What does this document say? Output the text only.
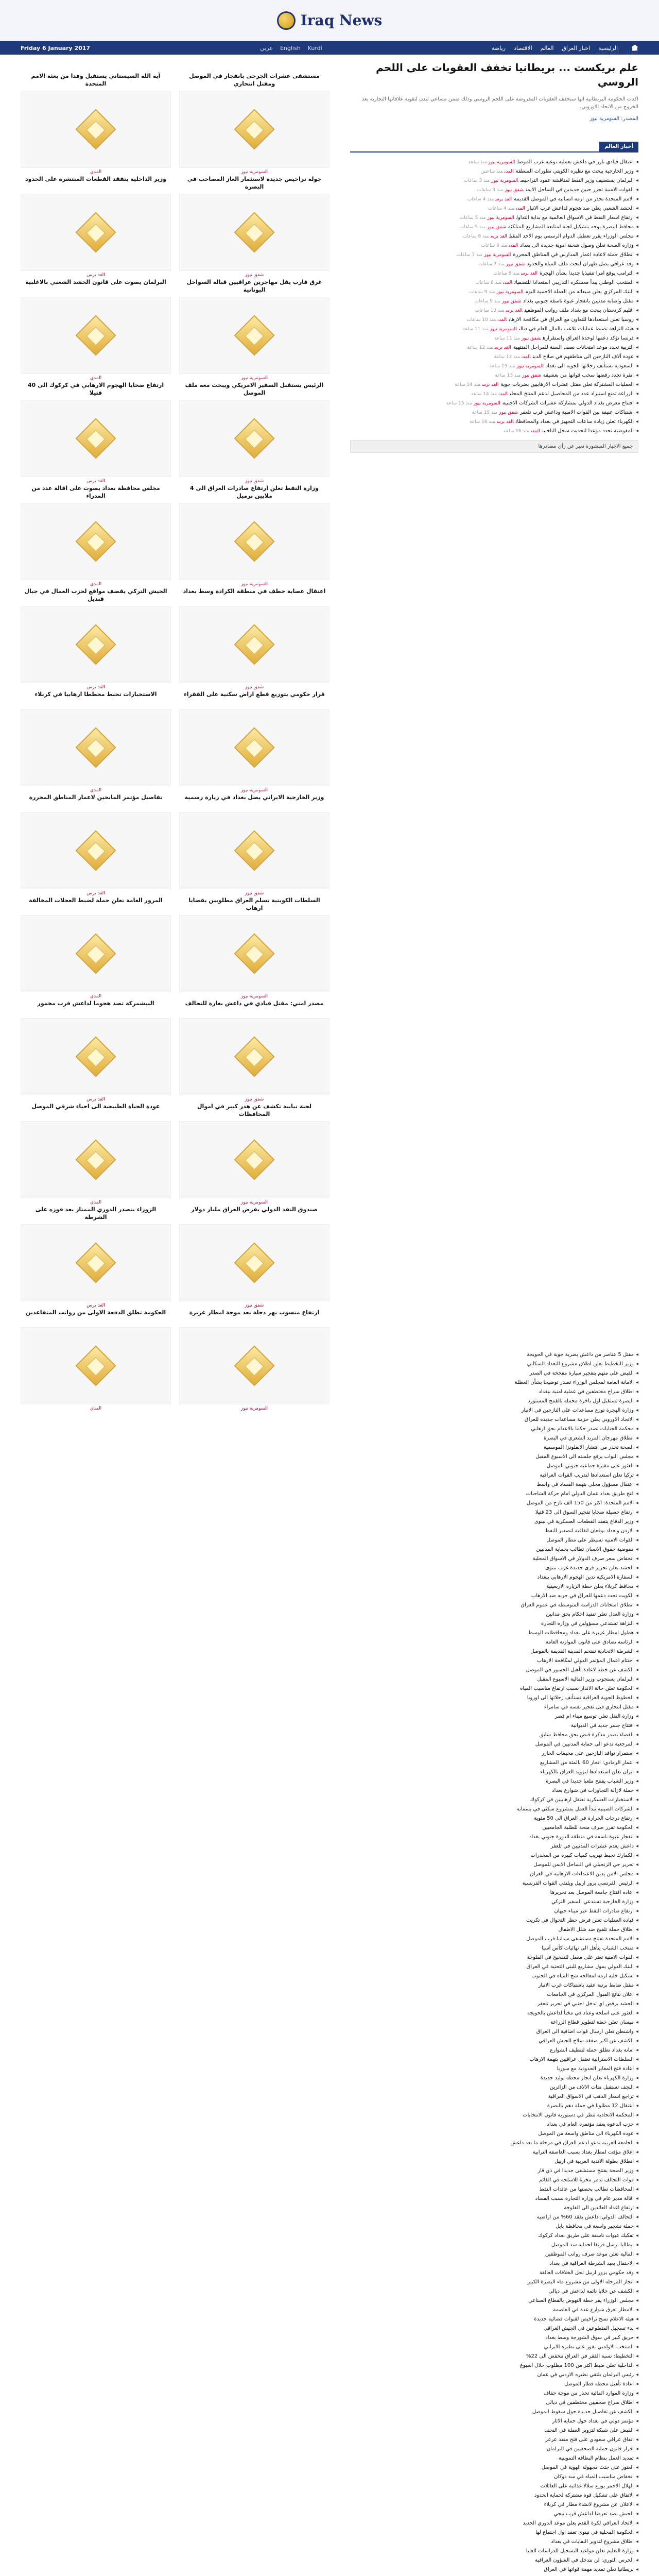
Iraq News
Friday 6 January 2017	عربي English Kurdî	الرئيسية
اخبار العراق
العالم
الاقتصاد
رياضة
العراق › أخبار العالم
علم بريكست ... بريطانيا تخفف العقوبات على اللحم الروسي

اكدت الحكومة البريطانية انها ستخفف العقوبات المفروضة على اللحم الروسي وذلك ضمن مساعي لندن لتقوية علاقاتها التجارية بعد الخروج من الاتحاد الاوروبي.

المصدر: السومرية نيوز
أخبار العالم
◂اعتقال قيادي بارز في داعش بعملية نوعية غرب الموصلالسومرية نيوزمنذ ساعة
◂وزير الخارجية يبحث مع نظيره الكويتي تطورات المنطقةالمدىمنذ ساعتين
◂البرلمان يستضيف وزير النفط لمناقشة عقود التراخيصالسومرية نيوزمنذ 3 ساعات
◂القوات الامنية تحرر حيين جديدين في الساحل الايمنشفق نيوزمنذ 3 ساعات
◂الامم المتحدة تحذر من ازمة انسانية في الموصل القديمةالغد برسمنذ 4 ساعات
◂الحشد الشعبي يعلن صد هجوم لداعش غرب الانبارالمدىمنذ 4 ساعات
◂ارتفاع اسعار النفط في الاسواق العالمية مع بداية التداولالسومرية نيوزمنذ 5 ساعات
◂محافظ البصرة يوجه بتشكيل لجنة لمتابعة المشاريع المتلكئةشفق نيوزمنذ 5 ساعات
◂مجلس الوزراء يقرر تعطيل الدوام الرسمي يوم الاحد المقبلالغد برسمنذ 6 ساعات
◂وزارة الصحة تعلن وصول شحنة ادوية جديدة الى بغدادالمدىمنذ 6 ساعات
◂انطلاق حملة لاعادة اعمار المدارس في المناطق المحررةالسومرية نيوزمنذ 7 ساعات
◂وفد عراقي يصل طهران لبحث ملف المياه والحدودشفق نيوزمنذ 7 ساعات
◂الترامب يوقع امرا تنفيذيا جديدا بشأن الهجرةالغد برسمنذ 8 ساعات
◂المنتخب الوطني يبدأ معسكره التدريبي استعدادا للتصفياتالمدىمنذ 8 ساعات
◂البنك المركزي يعلن مبيعاته من العملة الاجنبية اليومالسومرية نيوزمنذ 9 ساعات
◂مقتل وإصابة مدنيين بانفجار عبوة ناسفة جنوبي بغدادشفق نيوزمنذ 9 ساعات
◂اقليم كردستان يبحث مع بغداد ملف رواتب الموظفينالغد برسمنذ 10 ساعات
◂روسيا تعلن استعدادها للتعاون مع العراق في مكافحة الارهابالمدىمنذ 10 ساعات
◂هيئة النزاهة تضبط عمليات تلاعب بالمال العام في ديالىالسومرية نيوزمنذ 11 ساعة
◂فرنسا تؤكد دعمها لوحدة العراق واستقرارهشفق نيوزمنذ 11 ساعة
◂التربية تحدد موعد امتحانات نصف السنة للمراحل المنتهيةالغد برسمنذ 12 ساعة
◂عودة آلاف النازحين الى مناطقهم في صلاح الدينالمدىمنذ 12 ساعة
◂السعودية تستأنف رحلاتها الجوية الى بغدادالسومرية نيوزمنذ 13 ساعة
◂انقرة تجدد رفضها سحب قواتها من بعشيقةشفق نيوزمنذ 13 ساعة
◂العمليات المشتركة تعلن مقتل عشرات الارهابيين بضربات جويةالغد برسمنذ 14 ساعة
◂الزراعة تمنع استيراد عدد من المحاصيل لدعم المنتج المحليالمدىمنذ 14 ساعة
◂افتتاح معرض بغداد الدولي بمشاركة عشرات الشركات الاجنبيةالسومرية نيوزمنذ 15 ساعة
◂اشتباكات عنيفة بين القوات الامنية وداعش قرب تلعفرشفق نيوزمنذ 15 ساعة
◂الكهرباء تعلن زيادة ساعات التجهيز في بغداد والمحافظاتالغد برسمنذ 16 ساعة
◂المفوضية تحدد موعدا لتحديث سجل الناخبينالمدىمنذ 16 ساعة
جميع الاخبار المنشورة تعبر عن رأي مصادرها
مستشفى عشرات الجرحى بانفجار في الموصل ومقتل انتحاري
السومرية نيوز
آية الله السيستاني يستقبل وفدا من بعثة الامم المتحدة
المدى
جولة تراخيص جديدة لاستثمار الغاز المصاحب في البصرة
شفق نيوز
وزير الداخلية يتفقد القطعات المنتشرة على الحدود
الغد برس
غرق قارب يقل مهاجرين عراقيين قبالة السواحل اليونانية
السومرية نيوز
البرلمان يصوت على قانون الحشد الشعبي بالاغلبية
المدى
الرئيس يستقبل السفير الامريكي ويبحث معه ملف الموصل
شفق نيوز
ارتفاع ضحايا الهجوم الارهابي في كركوك الى 40 قتيلا
الغد برس
وزارة النفط تعلن ارتفاع صادرات العراق الى 4 ملايين برميل
السومرية نيوز
مجلس محافظة بغداد يصوت على اقالة عدد من المدراء
المدى
اعتقال عصابة خطف في منطقة الكرادة وسط بغداد
شفق نيوز
الجيش التركي يقصف مواقع لحزب العمال في جبال قنديل
الغد برس
قرار حكومي بتوزيع قطع اراض سكنية على الفقراء
السومرية نيوز
الاستخبارات تحبط مخططا ارهابيا في كربلاء
المدى
وزير الخارجية الايراني يصل بغداد في زيارة رسمية
شفق نيوز
تفاصيل مؤتمر المانحين لاعمار المناطق المحررة
الغد برس
السلطات الكويتية تسلم العراق مطلوبين بقضايا ارهاب
السومرية نيوز
المرور العامة تعلن حملة لضبط العجلات المخالفة
المدى
مصدر امني: مقتل قيادي في داعش بغارة للتحالف
شفق نيوز
البيشمركة تصد هجوما لداعش قرب مخمور
الغد برس
لجنة نيابية تكشف عن هدر كبير في اموال المحافظات
السومرية نيوز
عودة الحياة الطبيعية الى احياء شرقي الموصل
المدى
صندوق النقد الدولي يقرض العراق مليار دولار
شفق نيوز
الزوراء يتصدر الدوري الممتاز بعد فوزه على الشرطة
الغد برس
ارتفاع منسوب نهر دجلة بعد موجة امطار غزيرة
السومرية نيوز
الحكومة تطلق الدفعة الاولى من رواتب المتقاعدين
المدى
◂مقتل 5 عناصر من داعش بضربة جوية في الحويجة
◂وزير التخطيط يعلن اطلاق مشروع التعداد السكاني
◂القبض على متهم بتفجير سيارة مفخخة في الصدر
◂الامانة العامة لمجلس الوزراء تصدر توضيحا بشأن العطلة
◂اطلاق سراح مختطفين في عملية امنية ببغداد
◂البصرة تستقبل اول باخرة محملة بالقمح المستورد
◂وزارة الهجرة توزع مساعدات على النازحين في الانبار
◂الاتحاد الاوروبي يعلن حزمة مساعدات جديدة للعراق
◂محكمة الجنايات تصدر حكما بالاعدام بحق ارهابي
◂انطلاق مهرجان المربد الشعري في البصرة
◂الصحة تحذر من انتشار الانفلونزا الموسمية
◂مجلس النواب يرفع جلسته الى الاسبوع المقبل
◂العثور على مقبرة جماعية جنوبي الموصل
◂تركيا تعلن استعدادها لتدريب القوات العراقية
◂اعتقال مسؤول محلي بتهمة الفساد في واسط
◂فتح طريق بغداد عمان الدولي امام حركة الشاحنات
◂الامم المتحدة: اكثر من 150 الف نازح من الموصل
◂ارتفاع حصيلة ضحايا تفجير السوق الى 23 قتيلا
◂وزير الدفاع يتفقد القطعات العسكرية في نينوى
◂الاردن وبغداد يوقعان اتفاقية لتصدير النفط
◂القوات الامنية تسيطر على مطار الموصل
◂مفوضية حقوق الانسان تطالب بحماية المدنيين
◂انخفاض سعر صرف الدولار في الاسواق المحلية
◂الحشد يعلن تحرير قرى جديدة غرب نينوى
◂السفارة الامريكية تدين الهجوم الارهابي ببغداد
◂محافظ كربلاء يعلن خطة الزيارة الاربعينية
◂الكويت تجدد دعمها للعراق في حربه ضد الارهاب
◂انطلاق امتحانات الدراسة المتوسطة في عموم العراق
◂وزارة العدل تعلن تنفيذ احكام بحق مدانين
◂النزاهة تستدعي مسؤولين في وزارة التجارة
◂هطول امطار غزيرة على بغداد ومحافظات الوسط
◂الرئاسة تصادق على قانون الموازنة العامة
◂الشرطة الاتحادية تقتحم المدينة القديمة بالموصل
◂اختتام اعمال المؤتمر الدولي لمكافحة الارهاب
◂الكشف عن خطة لاعادة تأهيل الجسور في الموصل
◂البرلمان يستجوب وزير المالية الاسبوع المقبل
◂الحكومة تعلن حالة الانذار بسبب ارتفاع مناسيب المياه
◂الخطوط الجوية العراقية تستأنف رحلاتها الى اوروبا
◂مقتل انتحاري قبل تفجير نفسه في سامراء
◂وزارة النقل تعلن توسيع ميناء ام قصر
◂افتتاح جسر جديد في الديوانية
◂القضاء يصدر مذكرة قبض بحق محافظ سابق
◂المرجعية تدعو الى حماية المدنيين في الموصل
◂استمرار توافد النازحين على مخيمات الخازر
◂اعمار الرمادي: انجاز 60 بالمئة من المشاريع
◂ايران تعلن استعدادها لتزويد العراق بالكهرباء
◂وزير الشباب يفتتح ملعبا جديدا في البصرة
◂حملة لازالة التجاوزات في شوارع بغداد
◂الاستخبارات العسكرية تعتقل ارهابيين في كركوك
◂الشركات الصينية تبدأ العمل بمشروع سكني في بسماية
◂ارتفاع درجات الحرارة في العراق الى 50 مئوية
◂الحكومة تقرر صرف منحة للطلبة الجامعيين
◂انفجار عبوة ناسفة في منطقة الدورة جنوبي بغداد
◂داعش يعدم عشرات المدنيين في تلعفر
◂الكمارك تحبط تهريب كميات كبيرة من المخدرات
◂تحرير حي الزنجيلي في الساحل الايمن للموصل
◂مجلس الامن يدين الاعتداءات الارهابية في العراق
◂الرئيس الفرنسي يزور اربيل ويلتقي القوات الفرنسية
◂اعادة افتتاح جامعة الموصل بعد تحريرها
◂وزارة الخارجية تستدعي السفير التركي
◂ارتفاع صادرات النفط عبر ميناء جيهان
◂قيادة العمليات تعلن فرض حظر التجوال في تكريت
◂اطلاق حملة تلقيح ضد شلل الاطفال
◂الامم المتحدة تفتتح مستشفى ميدانيا قرب الموصل
◂منتخب الشباب يتأهل الى نهائيات كأس آسيا
◂القوات الامنية تعثر على معمل للتفخيخ في الفلوجة
◂البنك الدولي يمول مشاريع للبنى التحتية في العراق
◂تشكيل خلية ازمة لمعالجة شح المياه في الجنوب
◂مقتل ضابط برتبة عقيد باشتباكات غرب الانبار
◂اعلان نتائج القبول المركزي في الجامعات
◂الحشد يرفض اي تدخل اجنبي في تحرير تلعفر
◂العثور على اسلحة وعتاد في مخبأ لداعش بالحويجة
◂ميسان تعلن خطة لتطوير قطاع الزراعة
◂واشنطن تعلن ارسال قوات اضافية الى العراق
◂الكشف عن اكبر صفقة سلاح للجيش العراقي
◂امانة بغداد تطلق حملة لتنظيف الشوارع
◂السلطات الاسترالية تعتقل عراقيين بتهمة الارهاب
◂اعادة فتح المعابر الحدودية مع سوريا
◂وزارة الكهرباء تعلن انجاز محطة توليد جديدة
◂النجف تستقبل مئات الالاف من الزائرين
◂تراجع اسعار الذهب في الاسواق العراقية
◂اعتقال 12 مطلوبا في حملة دهم بالبصرة
◂المحكمة الاتحادية تنظر في دستورية قانون الانتخابات
◂حزب الدعوة يعقد مؤتمره العام في بغداد
◂عودة الكهرباء الى مناطق واسعة من الموصل
◂الجامعة العربية تدعو لدعم العراق في مرحلة ما بعد داعش
◂اغلاق مؤقت لمطار بغداد بسبب العاصفة الترابية
◂انطلاق بطولة الاندية العربية في اربيل
◂وزير الصحة يفتتح مستشفى جديدا في ذي قار
◂قوات التحالف تدمر مخزنا للاسلحة في القائم
◂المحافظات تطالب بحصتها من عائدات النفط
◂اقالة مدير عام في وزارة التجارة بسبب الفساد
◂ارتفاع اعداد العائدين الى الفلوجة
◂التحالف الدولي: داعش يفقد 60% من اراضيه
◂حملة تشجير واسعة في محافظة بابل
◂تفكيك عبوات ناسفة على طريق بغداد كركوك
◂ايطاليا ترسل فريقا لحماية سد الموصل
◂المالية تعلن موعد صرف رواتب الموظفين
◂الاحتفال بعيد الشرطة العراقية في بغداد
◂وفد حكومي يزور اربيل لحل الخلافات العالقة
◂انجاز المرحلة الاولى من مشروع ماء البصرة الكبير
◂الكشف عن خلايا نائمة لداعش في ديالى
◂مجلس الوزراء يقر خطة النهوض بالقطاع الصناعي
◂الامطار تغرق شوارع عدة في العاصمة
◂هيئة الاعلام تمنح تراخيص لقنوات فضائية جديدة
◂بدء تسجيل المتطوعين في الجيش العراقي
◂حريق كبير في سوق الشورجة وسط بغداد
◂المنتخب الاولمبي يفوز على نظيره الايراني
◂التخطيط: نسبة الفقر في العراق تنخفض الى 22%
◂الداخلية تعلن ضبط اكثر من 100 مطلوب خلال اسبوع
◂رئيس البرلمان يلتقي نظيره الاردني في عمان
◂اعادة تأهيل محطة قطار الموصل
◂وزارة الموارد المائية تحذر من موجة جفاف
◂اطلاق سراح صحفيين مختطفين في ديالى
◂الكشف عن تفاصيل جديدة حول سقوط الموصل
◂مؤتمر دولي في بغداد حول حماية الاثار
◂القبض على شبكة لتزوير العملة في النجف
◂اتفاق عراقي سعودي على فتح منفذ عرعر
◂اقرار قانون حماية الصحفيين في البرلمان
◂تمديد العمل بنظام البطاقة التموينية
◂العثور على جثث مجهولة الهوية في الموصل
◂انخفاض مناسيب المياه في سد دوكان
◂الهلال الاحمر يوزع سلالا غذائية على العائلات
◂الاتفاق على تشكيل قوة مشتركة لحماية الحدود
◂الاعلان عن مشروع لانشاء مطار في كربلاء
◂الجيش يصد تعرضا لداعش قرب بيجي
◂الاتحاد العراقي لكرة القدم يعلن موعد الدوري الجديد
◂الحكومة المحلية في نينوى تعقد اول اجتماع لها
◂اطلاق مشروع لتدوير النفايات في بغداد
◂وزارة التعليم تعلن مواعيد التسجيل للدراسات العليا
◂الحرس الثوري: لن نتدخل في الشؤون العراقية
◂بريطانيا تعلن تمديد مهمة قواتها في العراق
